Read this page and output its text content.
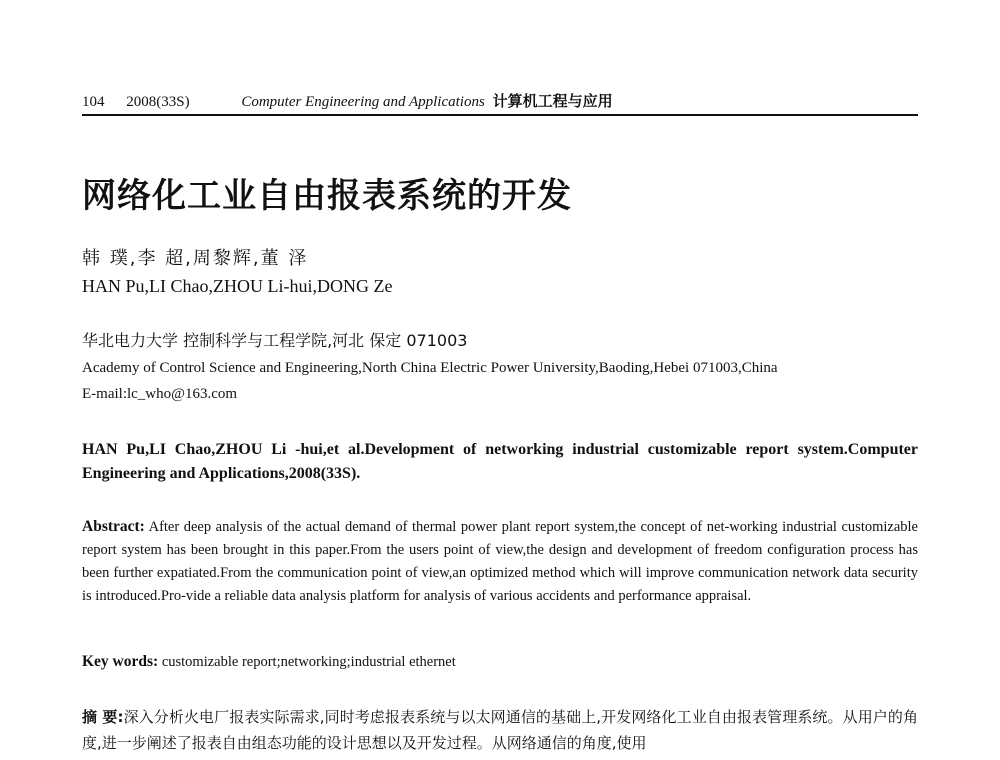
104 2008(33S)	Computer Engineering and Applications 计算机工程与应用
网络化工业自由报表系统的开发
韩 璞,李 超,周黎辉,董 泽
HAN Pu,LI Chao,ZHOU Li-hui,DONG Ze
华北电力大学 控制科学与工程学院,河北 保定 071003
Academy of Control Science and Engineering,North China Electric Power University,Baoding,Hebei 071003,China
E-mail:lc_who@163.com
HAN Pu,LI Chao,ZHOU Li -hui,et al.Development of networking industrial customizable report system.Computer Engineering and Applications,2008(33S).
Abstract: After deep analysis of the actual demand of thermal power plant report system,the concept of net-working industrial customizable report system has been brought in this paper.From the users point of view,the design and development of freedom configuration process has been further expatiated.From the communication point of view,an optimized method which will improve communication network data security is introduced.Pro-vide a reliable data analysis platform for analysis of various accidents and performance appraisal.
Key words: customizable report;networking;industrial ethernet
摘 要:深入分析火电厂报表实际需求,同时考虑报表系统与以太网通信的基础上,开发网络化工业自由报表管理系统。从用户的角度,进一步阐述了报表自由组态功能的设计思想以及开发过程。从网络通信的角度,使用
